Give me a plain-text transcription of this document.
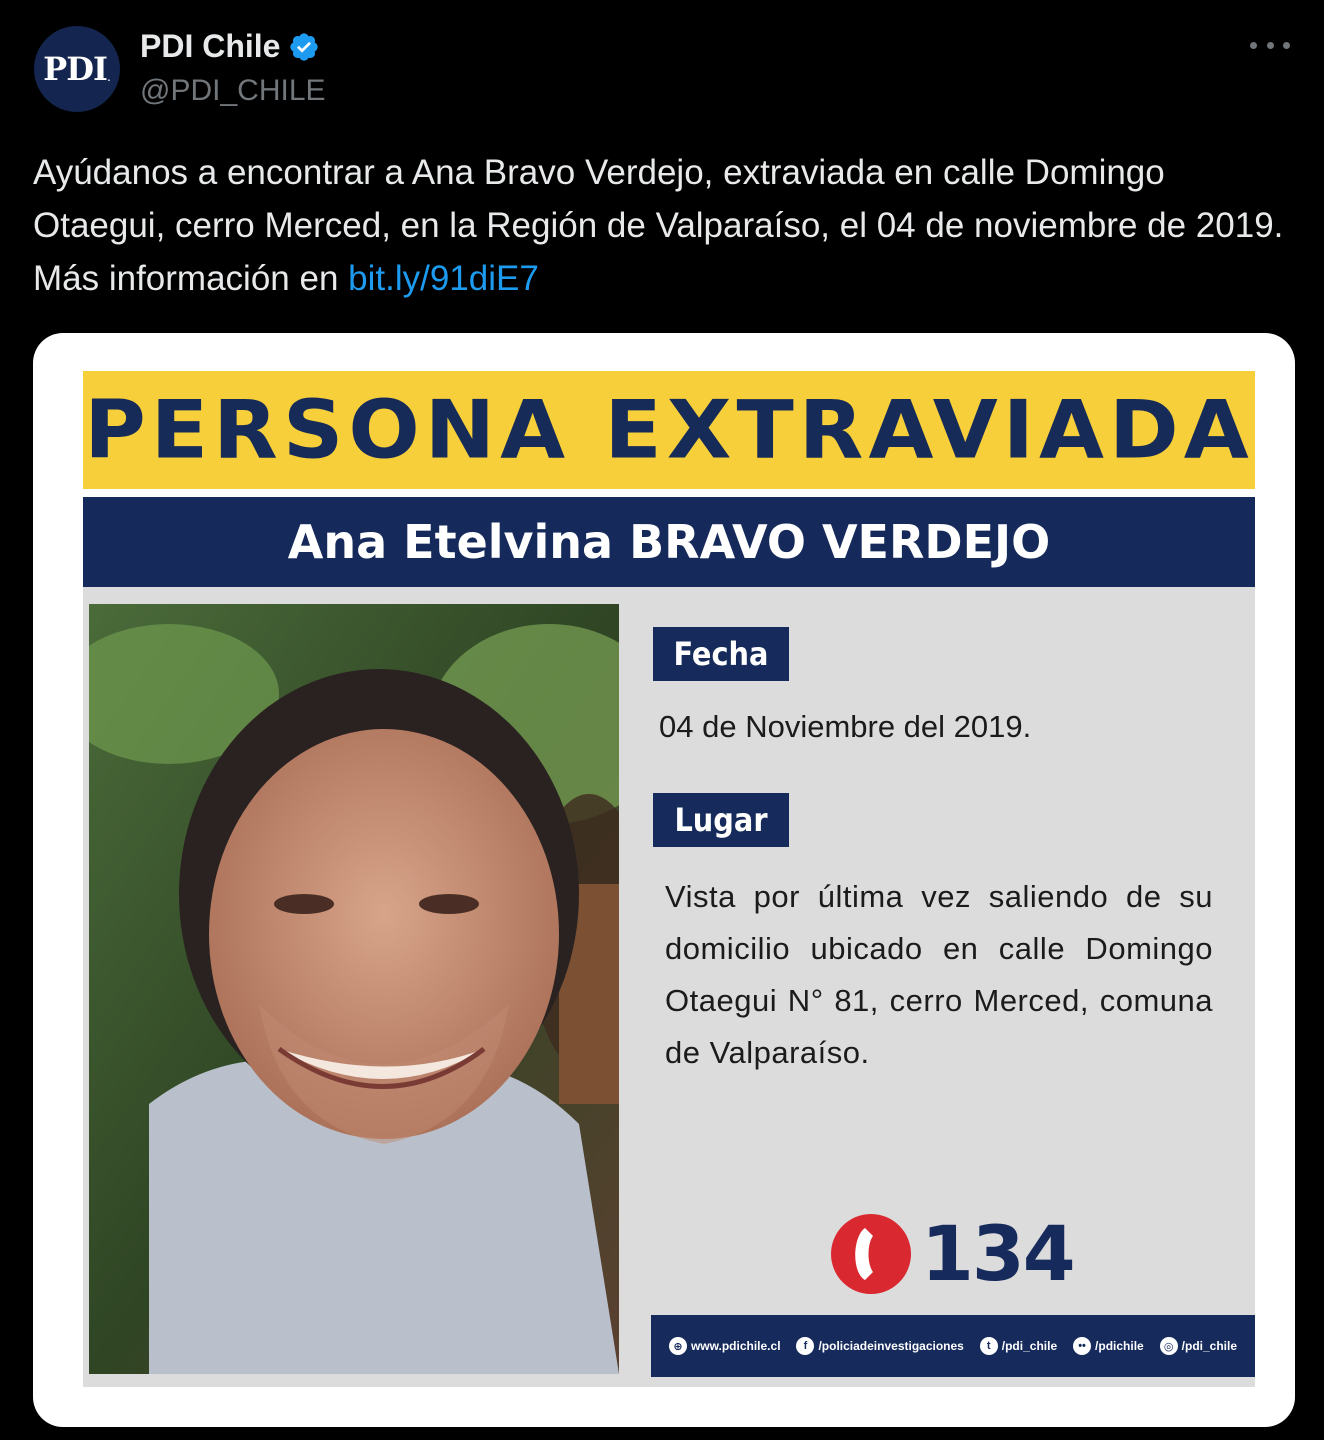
PDI .
PDI Chile
@PDI_CHILE
Ayúdanos a encontrar a Ana Bravo Verdejo, extraviada en calle Domingo Otaegui, cerro Merced, en la Región de Valparaíso, el 04 de noviembre de 2019. Más información en bit.ly/91diE7
PERSONA EXTRAVIADA
Ana Etelvina BRAVO VERDEJO
Fecha
04 de Noviembre del 2019.
Lugar
Vista por última vez saliendo de su domicilio ubicado en calle Domingo Otaegui N° 81, cerro Merced, comuna de Valparaíso.
134
⊕ www.pdichile.cl	f /policiadeinvestigaciones	t /pdi_chile	•• /pdichile	◎ /pdi_chile
